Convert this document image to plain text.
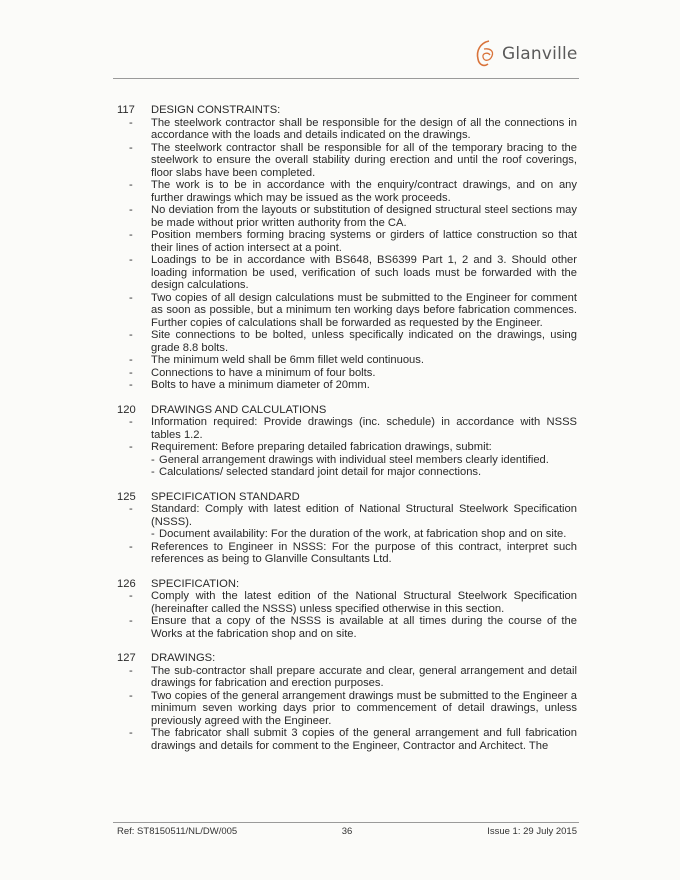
Glanville
117	DESIGN CONSTRAINTS:
- The steelwork contractor shall be responsible for the design of all the connections in accordance with the loads and details indicated on the drawings.
- The steelwork contractor shall be responsible for all of the temporary bracing to the steelwork to ensure the overall stability during erection and until the roof coverings, floor slabs have been completed.
- The work is to be in accordance with the enquiry/contract drawings, and on any further drawings which may be issued as the work proceeds.
- No deviation from the layouts or substitution of designed structural steel sections may be made without prior written authority from the CA.
- Position members forming bracing systems or girders of lattice construction so that their lines of action intersect at a point.
- Loadings to be in accordance with BS648, BS6399 Part 1, 2 and 3. Should other loading information be used, verification of such loads must be forwarded with the design calculations.
- Two copies of all design calculations must be submitted to the Engineer for comment as soon as possible, but a minimum ten working days before fabrication commences. Further copies of calculations shall be forwarded as requested by the Engineer.
- Site connections to be bolted, unless specifically indicated on the drawings, using grade 8.8 bolts.
- The minimum weld shall be 6mm fillet weld continuous.
- Connections to have a minimum of four bolts.
- Bolts to have a minimum diameter of 20mm.
120	DRAWINGS AND CALCULATIONS
- Information required: Provide drawings (inc. schedule) in accordance with NSSS tables 1.2.
- Requirement: Before preparing detailed fabrication drawings, submit:
- General arrangement drawings with individual steel members clearly identified.
- Calculations/ selected standard joint detail for major connections.
125	SPECIFICATION STANDARD
- Standard: Comply with latest edition of National Structural Steelwork Specification (NSSS).
- Document availability: For the duration of the work, at fabrication shop and on site.
- References to Engineer in NSSS: For the purpose of this contract, interpret such references as being to Glanville Consultants Ltd.
126	SPECIFICATION:
- Comply with the latest edition of the National Structural Steelwork Specification (hereinafter called the NSSS) unless specified otherwise in this section.
- Ensure that a copy of the NSSS is available at all times during the course of the Works at the fabrication shop and on site.
127	DRAWINGS:
- The sub-contractor shall prepare accurate and clear, general arrangement and detail drawings for fabrication and erection purposes.
- Two copies of the general arrangement drawings must be submitted to the Engineer a minimum seven working days prior to commencement of detail drawings, unless previously agreed with the Engineer.
- The fabricator shall submit 3 copies of the general arrangement and full fabrication drawings and details for comment to the Engineer, Contractor and Architect. The
Ref: ST8150511/NL/DW/005	36	Issue 1: 29 July 2015
